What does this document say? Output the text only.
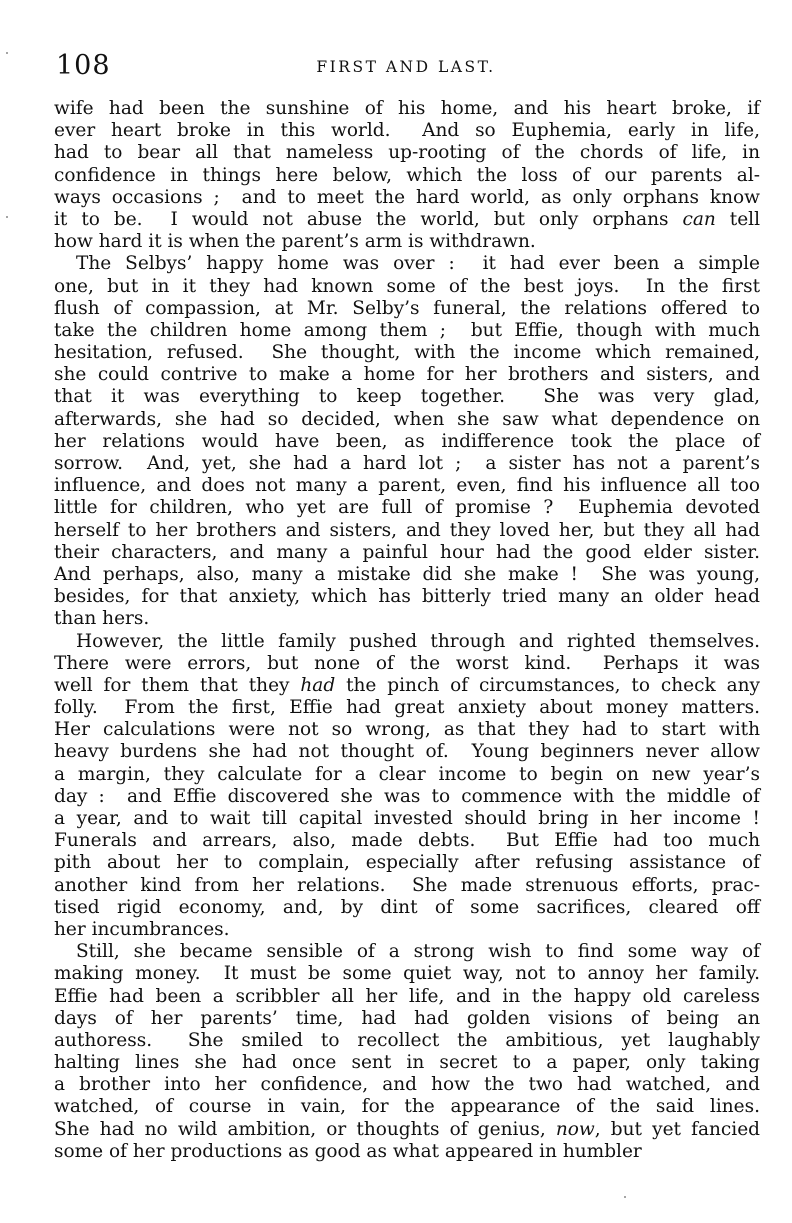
108	FIRST AND LAST.
wife had been the sunshine of his home, and his heart broke, if
ever heart broke in this world.  And so Euphemia, early in life,
had to bear all that nameless up-rooting of the chords of life, in
confidence in things here below, which the loss of our parents al-
ways occasions ;  and to meet the hard world, as only orphans know
it to be.  I would not abuse the world, but only orphans can tell
how hard it is when the parent’s arm is withdrawn.
The Selbys’ happy home was over :  it had ever been a simple
one, but in it they had known some of the best joys.  In the first
flush of compassion, at Mr. Selby’s funeral, the relations offered to
take the children home among them ;  but Effie, though with much
hesitation, refused.  She thought, with the income which remained,
she could contrive to make a home for her brothers and sisters, and
that it was everything to keep together.  She was very glad,
afterwards, she had so decided, when she saw what dependence on
her relations would have been, as indifference took the place of
sorrow.  And, yet, she had a hard lot ;  a sister has not a parent’s
influence, and does not many a parent, even, find his influence all too
little for children, who yet are full of promise ?  Euphemia devoted
herself to her brothers and sisters, and they loved her, but they all had
their characters, and many a painful hour had the good elder sister.
And perhaps, also, many a mistake did she make !  She was young,
besides, for that anxiety, which has bitterly tried many an older head
than hers.
However, the little family pushed through and righted themselves.
There were errors, but none of the worst kind.  Perhaps it was
well for them that they had the pinch of circumstances, to check any
folly.  From the first, Effie had great anxiety about money matters.
Her calculations were not so wrong, as that they had to start with
heavy burdens she had not thought of.  Young beginners never allow
a margin, they calculate for a clear income to begin on new year’s
day :  and Effie discovered she was to commence with the middle of
a year, and to wait till capital invested should bring in her income !
Funerals and arrears, also, made debts.  But Effie had too much
pith about her to complain, especially after refusing assistance of
another kind from her relations.  She made strenuous efforts, prac-
tised rigid economy, and, by dint of some sacrifices, cleared off
her incumbrances.
Still, she became sensible of a strong wish to find some way of
making money.  It must be some quiet way, not to annoy her family.
Effie had been a scribbler all her life, and in the happy old careless
days of her parents’ time, had had golden visions of being an
authoress.  She smiled to recollect the ambitious, yet laughably
halting lines she had once sent in secret to a paper, only taking
a brother into her confidence, and how the two had watched, and
watched, of course in vain, for the appearance of the said lines.
She had no wild ambition, or thoughts of genius, now, but yet fancied
some of her productions as good as what appeared in humbler
